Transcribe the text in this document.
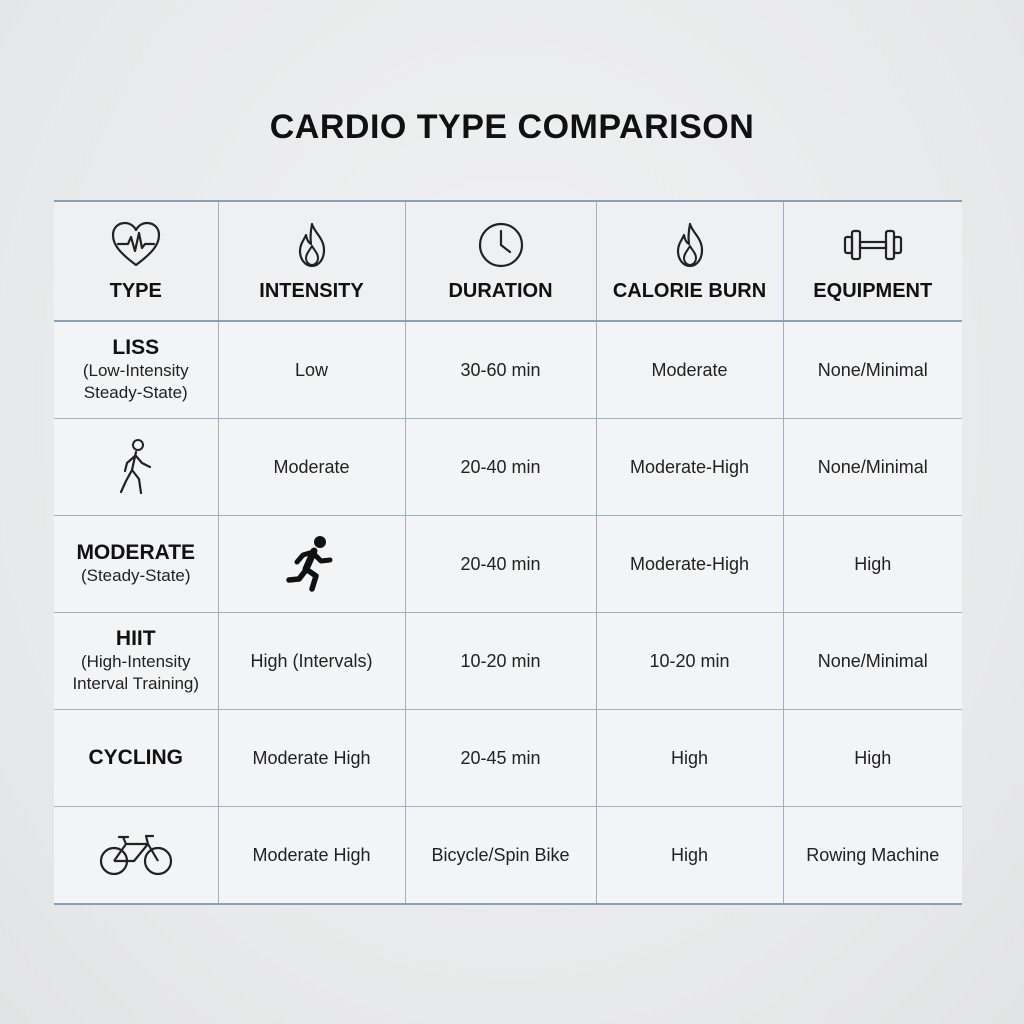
CARDIO TYPE COMPARISON
TYPE	INTENSITY	DURATION	CALORIE BURN	EQUIPMENT

LISS
(Low-Intensity
Steady-State)	Low	30-60 min	Moderate	None/Minimal

	Moderate	20-40 min	Moderate-High	None/Minimal

MODERATE
(Steady-State)		20-40 min	Moderate-High	High

HIIT
(High-Intensity
Interval Training)	High (Intervals)	10-20 min	10-20 min	None/Minimal

CYCLING	Moderate High	20-45 min	High	High

	Moderate High	Bicycle/Spin Bike	High	Rowing Machine
